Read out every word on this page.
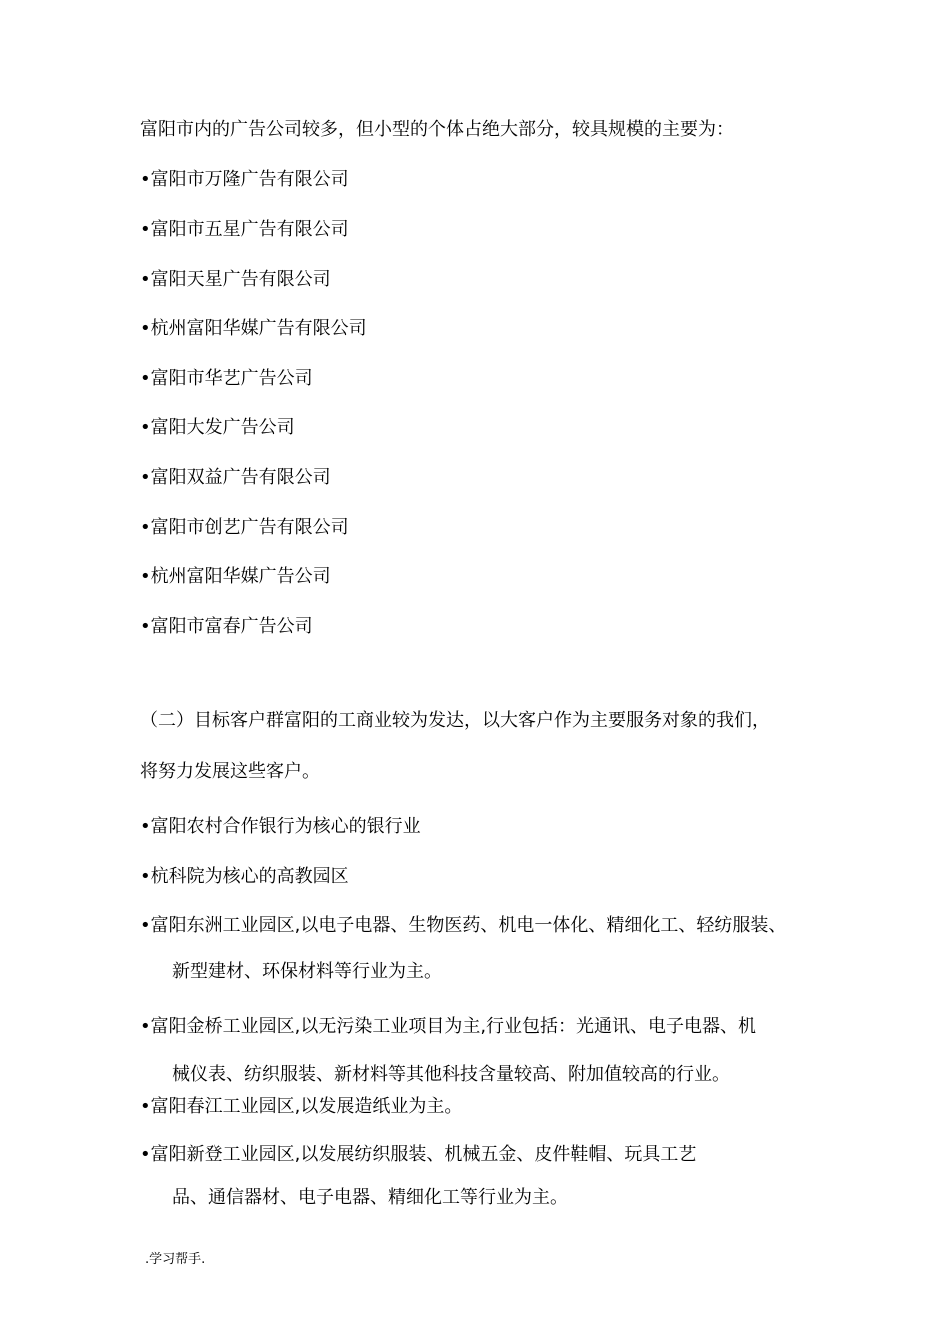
富阳市内的广告公司较多，但小型的个体占绝大部分，较具规模的主要为：
•富阳市万隆广告有限公司
•富阳市五星广告有限公司
•富阳天星广告有限公司
•杭州富阳华媒广告有限公司
•富阳市华艺广告公司
•富阳大发广告公司
•富阳双益广告有限公司
•富阳市创艺广告有限公司
•杭州富阳华媒广告公司
•富阳市富春广告公司
（二）目标客户群富阳的工商业较为发达，以大客户作为主要服务对象的我们，
将努力发展这些客户。
•富阳农村合作银行为核心的银行业
•杭科院为核心的高教园区
•富阳东洲工业园区,以电子电器、生物医药、机电一体化、精细化工、轻纺服装、
新型建材、环保材料等行业为主。
•富阳金桥工业园区,以无污染工业项目为主,行业包括：光通讯、电子电器、机
械仪表、纺织服装、新材料等其他科技含量较高、附加值较高的行业。
•富阳春江工业园区,以发展造纸业为主。
•富阳新登工业园区,以发展纺织服装、机械五金、皮件鞋帽、玩具工艺
品、通信器材、电子电器、精细化工等行业为主。
.学习帮手.
